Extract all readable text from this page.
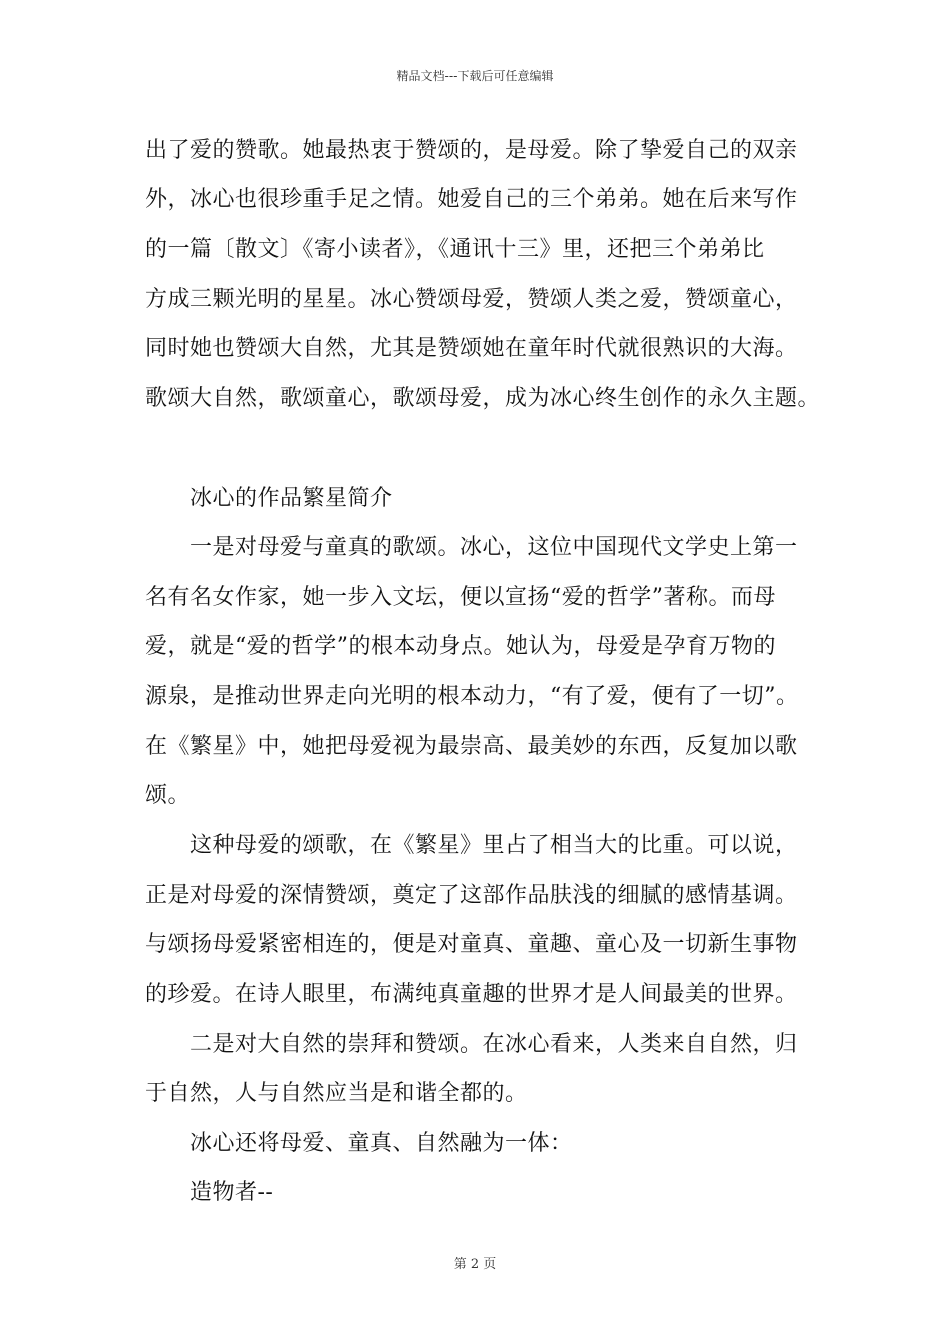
精品文档---下载后可任意编辑
出了爱的赞歌。她最热衷于赞颂的，是母爱。除了挚爱自己的双亲
外，冰心也很珍重手足之情。她爱自己的三个弟弟。她在后来写作
的一篇〔散文〕《寄小读者》，《通讯十三》里，还把三个弟弟比
方成三颗光明的星星。冰心赞颂母爱，赞颂人类之爱，赞颂童心，
同时她也赞颂大自然，尤其是赞颂她在童年时代就很熟识的大海。
歌颂大自然，歌颂童心，歌颂母爱，成为冰心终生创作的永久主题。
冰心的作品繁星简介
一是对母爱与童真的歌颂。冰心，这位中国现代文学史上第一
名有名女作家，她一步入文坛，便以宣扬“爱的哲学”著称。而母
爱，就是“爱的哲学”的根本动身点。她认为，母爱是孕育万物的
源泉，是推动世界走向光明的根本动力，“有了爱，便有了一切”。
在《繁星》中，她把母爱视为最崇高、最美妙的东西，反复加以歌
颂。
这种母爱的颂歌，在《繁星》里占了相当大的比重。可以说，
正是对母爱的深情赞颂，奠定了这部作品肤浅的细腻的感情基调。
与颂扬母爱紧密相连的，便是对童真、童趣、童心及一切新生事物
的珍爱。在诗人眼里，布满纯真童趣的世界才是人间最美的世界。
二是对大自然的崇拜和赞颂。在冰心看来，人类来自自然，归
于自然，人与自然应当是和谐全都的。
冰心还将母爱、童真、自然融为一体：
造物者--
第 2 页
